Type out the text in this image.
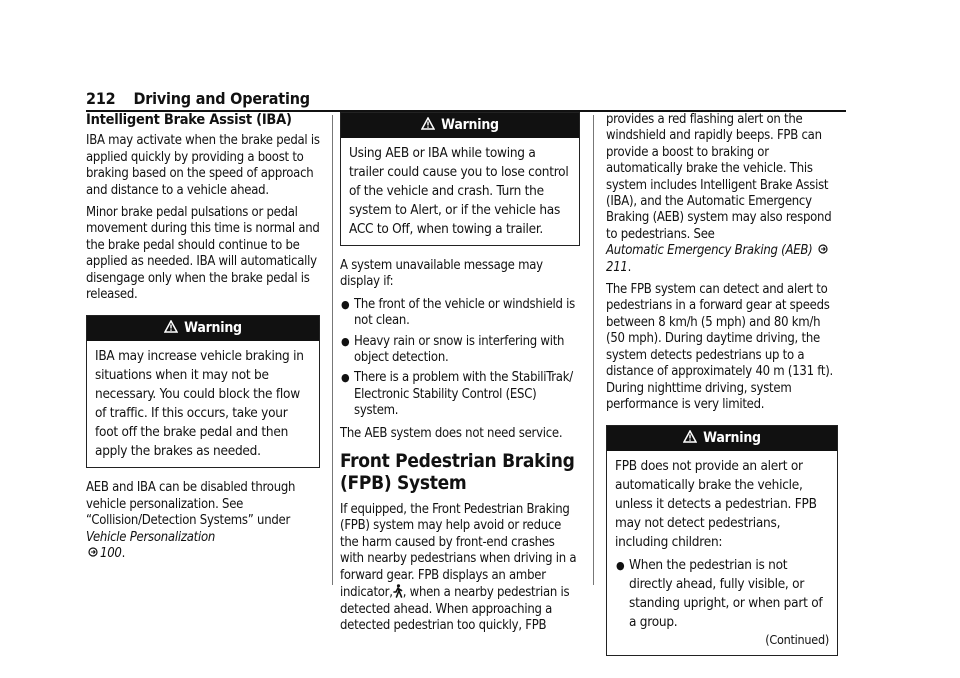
212 Driving and Operating
Intelligent Brake Assist (IBA)

IBA may activate when the brake pedal is applied quickly by providing a boost to braking based on the speed of approach and distance to a vehicle ahead.

Minor brake pedal pulsations or pedal movement during this time is normal and the brake pedal should continue to be applied as needed. IBA will automatically disengage only when the brake pedal is released.

Warning
IBA may increase vehicle braking in situations when it may not be necessary. You could block the flow of traffic. If this occurs, take your foot off the brake pedal and then apply the brakes as needed.

AEB and IBA can be disabled through vehicle personalization. See “Collision/Detection Systems” under Vehicle Personalization
100.

Warning
Using AEB or IBA while towing a trailer could cause you to lose control of the vehicle and crash. Turn the system to Alert, or if the vehicle has ACC to Off, when towing a trailer.

A system unavailable message may display if:

● The front of the vehicle or windshield is not clean.
● Heavy rain or snow is interfering with object detection.
● There is a problem with the StabiliTrak/ Electronic Stability Control (ESC) system.

The AEB system does not need service.

Front Pedestrian Braking (FPB) System

If equipped, the Front Pedestrian Braking (FPB) system may help avoid or reduce the harm caused by front-end crashes with nearby pedestrians when driving in a forward gear. FPB displays an amber indicator, , when a nearby pedestrian is detected ahead. When approaching a detected pedestrian too quickly, FPB

provides a red flashing alert on the windshield and rapidly beeps. FPB can provide a boost to braking or automatically brake the vehicle. This system includes Intelligent Brake Assist (IBA), and the Automatic Emergency Braking (AEB) system may also respond to pedestrians. See
Automatic Emergency Braking (AEB) 211.

The FPB system can detect and alert to pedestrians in a forward gear at speeds between 8 km/h (5 mph) and 80 km/h (50 mph). During daytime driving, the system detects pedestrians up to a distance of approximately 40 m (131 ft). During nighttime driving, system performance is very limited.

Warning
FPB does not provide an alert or automatically brake the vehicle, unless it detects a pedestrian. FPB may not detect pedestrians, including children:
● When the pedestrian is not directly ahead, fully visible, or standing upright, or when part of a group.
(Continued)
